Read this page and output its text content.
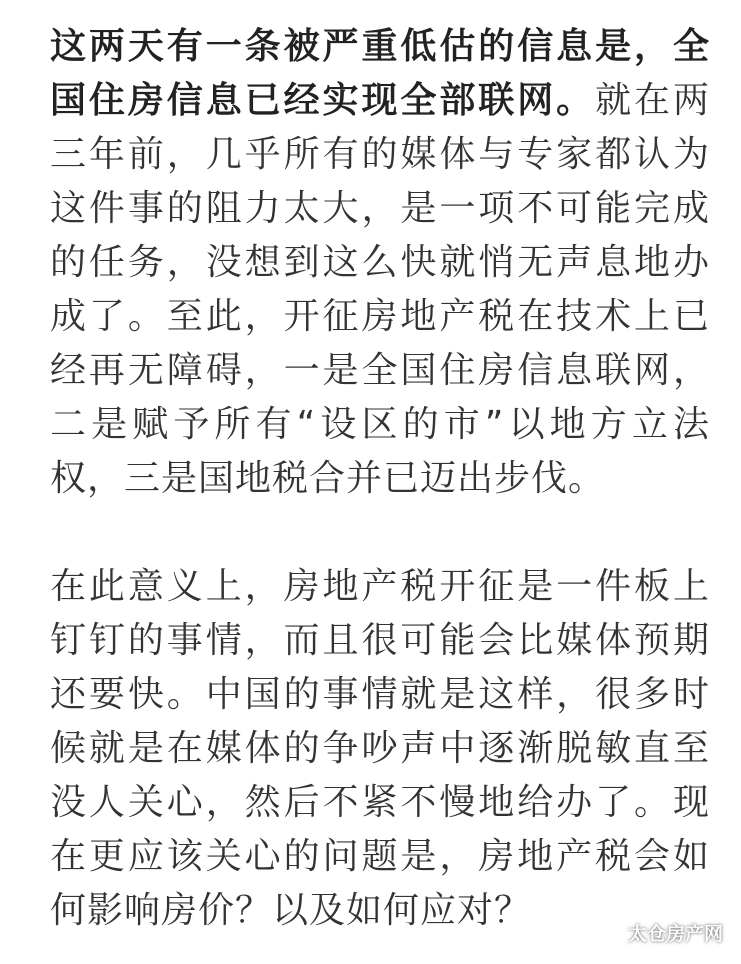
这两天有一条被严重低估的信息是，全国住房信息已经实现全部联网。就在两三年前，几乎所有的媒体与专家都认为这件事的阻力太大，是一项不可能完成的任务，没想到这么快就悄无声息地办成了。至此，开征房地产税在技术上已经再无障碍，一是全国住房信息联网，二是赋予所有“设区的市”以地方立法权，三是国地税合并已迈出步伐。

在此意义上，房地产税开征是一件板上钉钉的事情，而且很可能会比媒体预期还要快。中国的事情就是这样，很多时候就是在媒体的争吵声中逐渐脱敏直至没人关心，然后不紧不慢地给办了。现在更应该关心的问题是，房地产税会如何影响房价？以及如何应对？

太仓房产网
